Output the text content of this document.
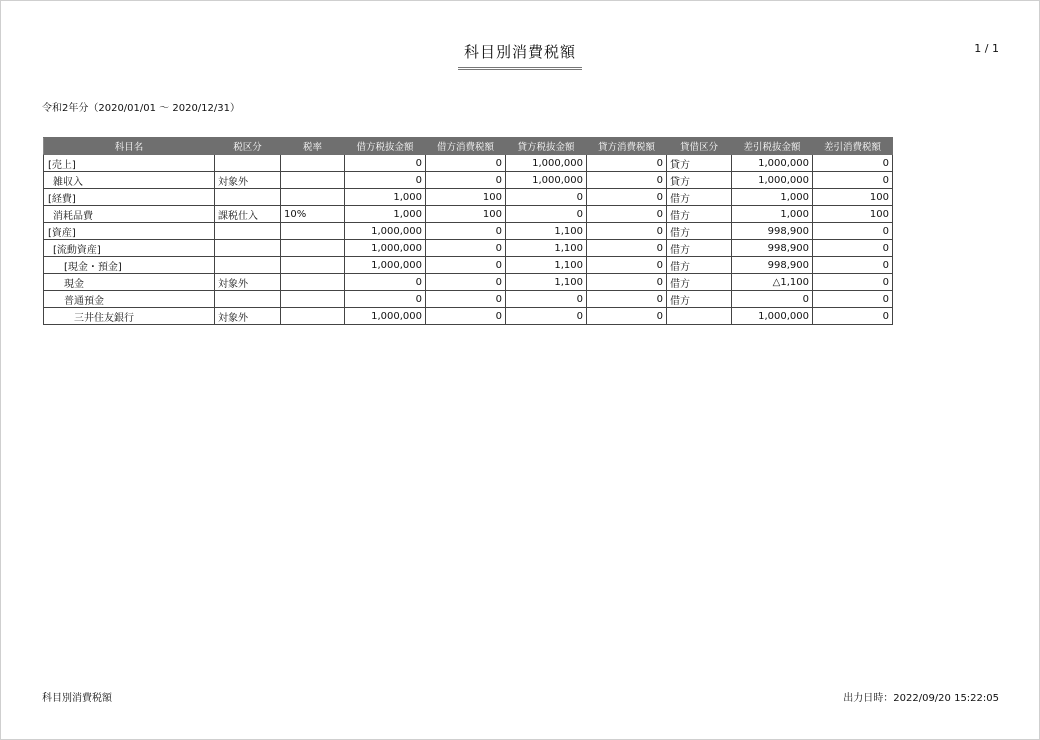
科目別消費税額	1 / 1
令和2年分（2020/01/01 ～ 2020/12/31）
科目名	税区分	税率	借方税抜金額	借方消費税額	貸方税抜金額	貸方消費税額	貸借区分	差引税抜金額	差引消費税額
[売上]			0	0	1,000,000	0	貸方	1,000,000	0
雑収入	対象外		0	0	1,000,000	0	貸方	1,000,000	0
[経費]			1,000	100	0	0	借方	1,000	100
消耗品費	課税仕入	10%	1,000	100	0	0	借方	1,000	100
[資産]			1,000,000	0	1,100	0	借方	998,900	0
[流動資産]			1,000,000	0	1,100	0	借方	998,900	0
[現金・預金]			1,000,000	0	1,100	0	借方	998,900	0
現金	対象外		0	0	1,100	0	借方	△1,100	0
普通預金			0	0	0	0	借方	0	0
三井住友銀行	対象外		1,000,000	0	0	0		1,000,000	0
科目別消費税額	出力日時：2022/09/20 15:22:05
